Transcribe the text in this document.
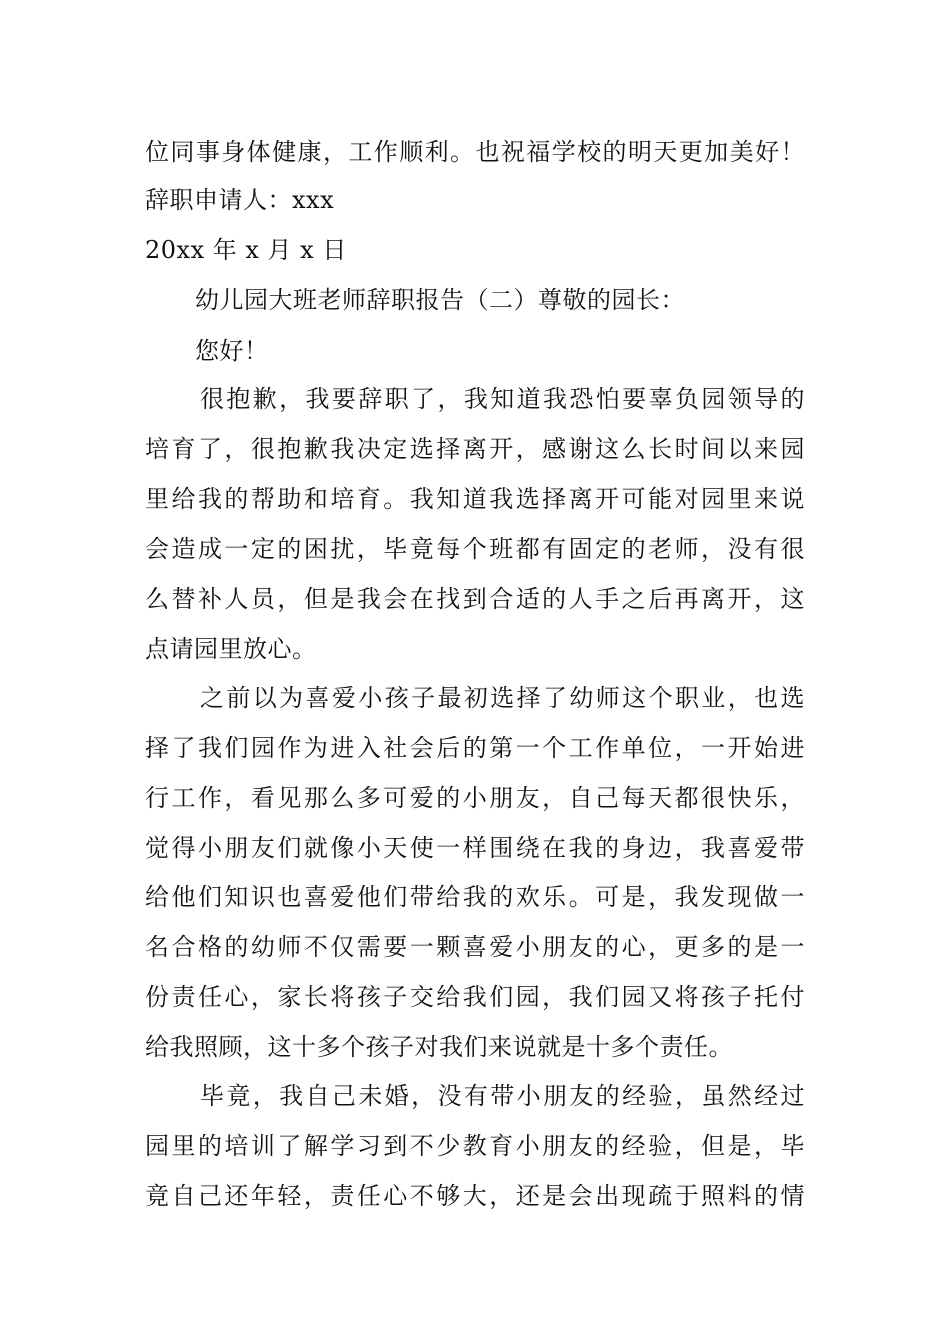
位同事身体健康，工作顺利。也祝福学校的明天更加美好！

辞职申请人：xxx

20xx 年 x 月 x 日

幼儿园大班老师辞职报告（二）尊敬的园长：

您好！

很抱歉，我要辞职了，我知道我恐怕要辜负园领导的

培育了，很抱歉我决定选择离开，感谢这么长时间以来园

里给我的帮助和培育。我知道我选择离开可能对园里来说

会造成一定的困扰，毕竟每个班都有固定的老师，没有很

么替补人员，但是我会在找到合适的人手之后再离开，这

点请园里放心。

之前以为喜爱小孩子最初选择了幼师这个职业，也选

择了我们园作为进入社会后的第一个工作单位，一开始进

行工作，看见那么多可爱的小朋友，自己每天都很快乐，

觉得小朋友们就像小天使一样围绕在我的身边，我喜爱带

给他们知识也喜爱他们带给我的欢乐。可是，我发现做一

名合格的幼师不仅需要一颗喜爱小朋友的心，更多的是一

份责任心，家长将孩子交给我们园，我们园又将孩子托付

给我照顾，这十多个孩子对我们来说就是十多个责任。

毕竟，我自己未婚，没有带小朋友的经验，虽然经过

园里的培训了解学习到不少教育小朋友的经验，但是，毕

竟自己还年轻，责任心不够大，还是会出现疏于照料的情
